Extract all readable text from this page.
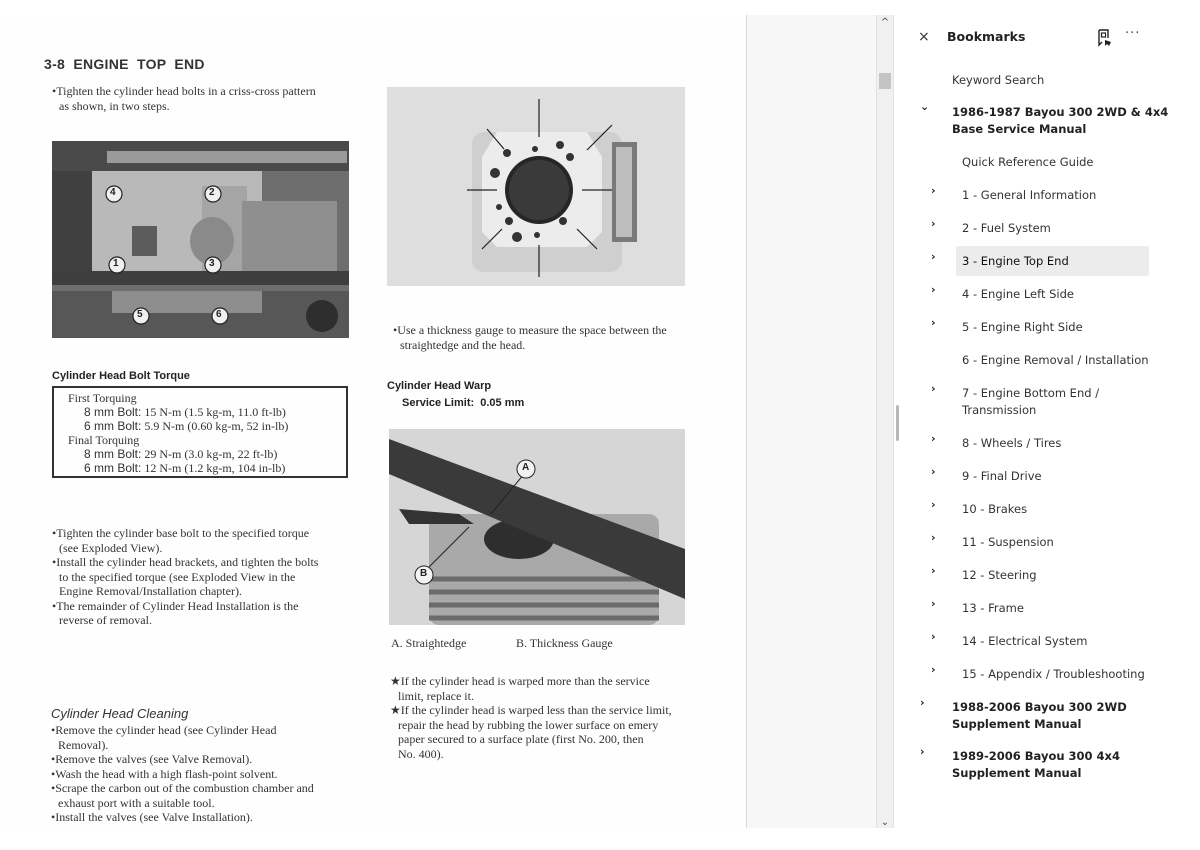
3-8 ENGINE TOP END
•Tighten the cylinder head bolts in a criss-cross pattern
as shown, in two steps.
4	2
1	3
5	6
Cylinder Head Bolt Torque
First Torquing
8 mm Bolt: 15 N-m (1.5 kg-m, 11.0 ft-lb)
6 mm Bolt: 5.9 N-m (0.60 kg-m, 52 in-lb)
Final Torquing
8 mm Bolt: 29 N-m (3.0 kg-m, 22 ft-lb)
6 mm Bolt: 12 N-m (1.2 kg-m, 104 in-lb)
•Tighten the cylinder base bolt to the specified torque
(see Exploded View).
•Install the cylinder head brackets, and tighten the bolts
to the specified torque (see Exploded View in the
Engine Removal/Installation chapter).
•The remainder of Cylinder Head Installation is the
reverse of removal.
Cylinder Head Cleaning
•Remove the cylinder head (see Cylinder Head
Removal).
•Remove the valves (see Valve Removal).
•Wash the head with a high flash-point solvent.
•Scrape the carbon out of the combustion chamber and
exhaust port with a suitable tool.
•Install the valves (see Valve Installation).
•Use a thickness gauge to measure the space between the
straightedge and the head.
Cylinder Head Warp
Service Limit:  0.05 mm
A
B
A. Straightedge	B. Thickness Gauge
★If the cylinder head is warped more than the service
limit, replace it.
★If the cylinder head is warped less than the service limit,
repair the head by rubbing the lower surface on emery
paper secured to a surface plate (first No. 200, then
No. 400).
^
⌄
× Bookmarks	···
Keyword Search
⌄ 1986-1987 Bayou 300 2WD & 4x4
Base Service Manual
Quick Reference Guide
› 1 - General Information
› 2 - Fuel System
› 3 - Engine Top End
› 4 - Engine Left Side
› 5 - Engine Right Side
6 - Engine Removal / Installation
› 7 - Engine Bottom End /
Transmission
› 8 - Wheels / Tires
› 9 - Final Drive
› 10 - Brakes
› 11 - Suspension
› 12 - Steering
› 13 - Frame
› 14 - Electrical System
› 15 - Appendix / Troubleshooting
› 1988-2006 Bayou 300 2WD
Supplement Manual
› 1989-2006 Bayou 300 4x4
Supplement Manual
